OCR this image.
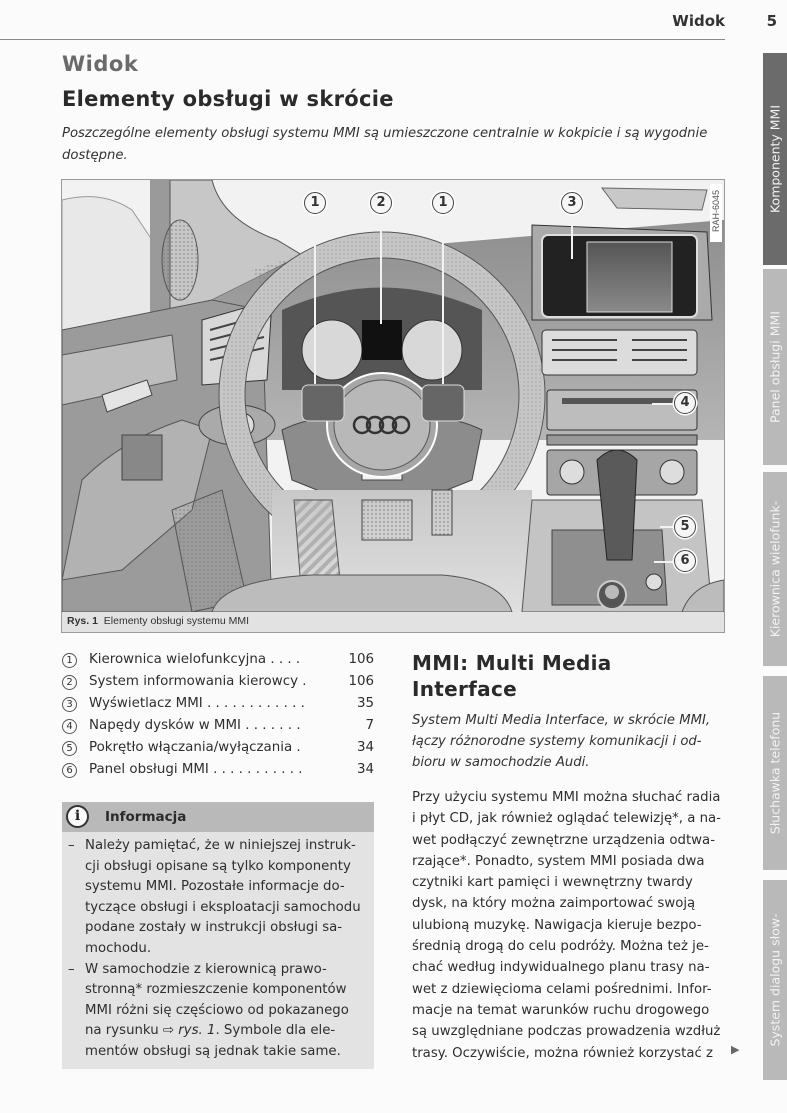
Widok	5
Widok
Elementy obsługi w skrócie

Poszczególne elementy obsługi systemu MMI są umieszczone centralnie w kokpicie i są wygodnie dostępne.

1	2	1	3
4
5
6
RAH-6045
Rys. 1 Elementy obsługi systemu MMI
1	Kierownica wielofunkcyjna . . . .	106
2	System informowania kierowcy .	106
3	Wyświetlacz MMI . . . . . . . . . . . .	35
4	Napędy dysków w MMI . . . . . . .	7
5	Pokrętło włączania/wyłączania .	34
6	Panel obsługi MMI . . . . . . . . . . .	34
i	Informacja
– Należy pamiętać, że w niniejszej instruk-
cji obsługi opisane są tylko komponenty
systemu MMI. Pozostałe informacje do-
tyczące obsługi i eksploatacji samochodu
podane zostały w instrukcji obsługi sa-
mochodu.
– W samochodzie z kierownicą prawo-
stronną* rozmieszczenie komponentów
MMI różni się częściowo od pokazanego
na rysunku ⇨ rys. 1. Symbole dla ele-
mentów obsługi są jednak takie same.
MMI: Multi Media
Interface
System Multi Media Interface, w skrócie MMI,
łączy różnorodne systemy komunikacji i od-
bioru w samochodzie Audi.

Przy użyciu systemu MMI można słuchać radia

i płyt CD, jak również oglądać telewizję*, a na-

wet podłączyć zewnętrzne urządzenia odtwa-

rzające*. Ponadto, system MMI posiada dwa

czytniki kart pamięci i wewnętrzny twardy

dysk, na który można zaimportować swoją

ulubioną muzykę. Nawigacja kieruje bezpo-

średnią drogą do celu podróży. Można też je-

chać według indywidualnego planu trasy na-

wet z dziewięcioma celami pośrednimi. Infor-

macje na temat warunków ruchu drogowego

są uwzględniane podczas prowadzenia wzdłuż

trasy. Oczywiście, można również korzystać z	▶
Komponenty MMI
Panel obsługi MMI
Kierownica wielofunk-
Słuchawka telefonu
System dialogu słow-
